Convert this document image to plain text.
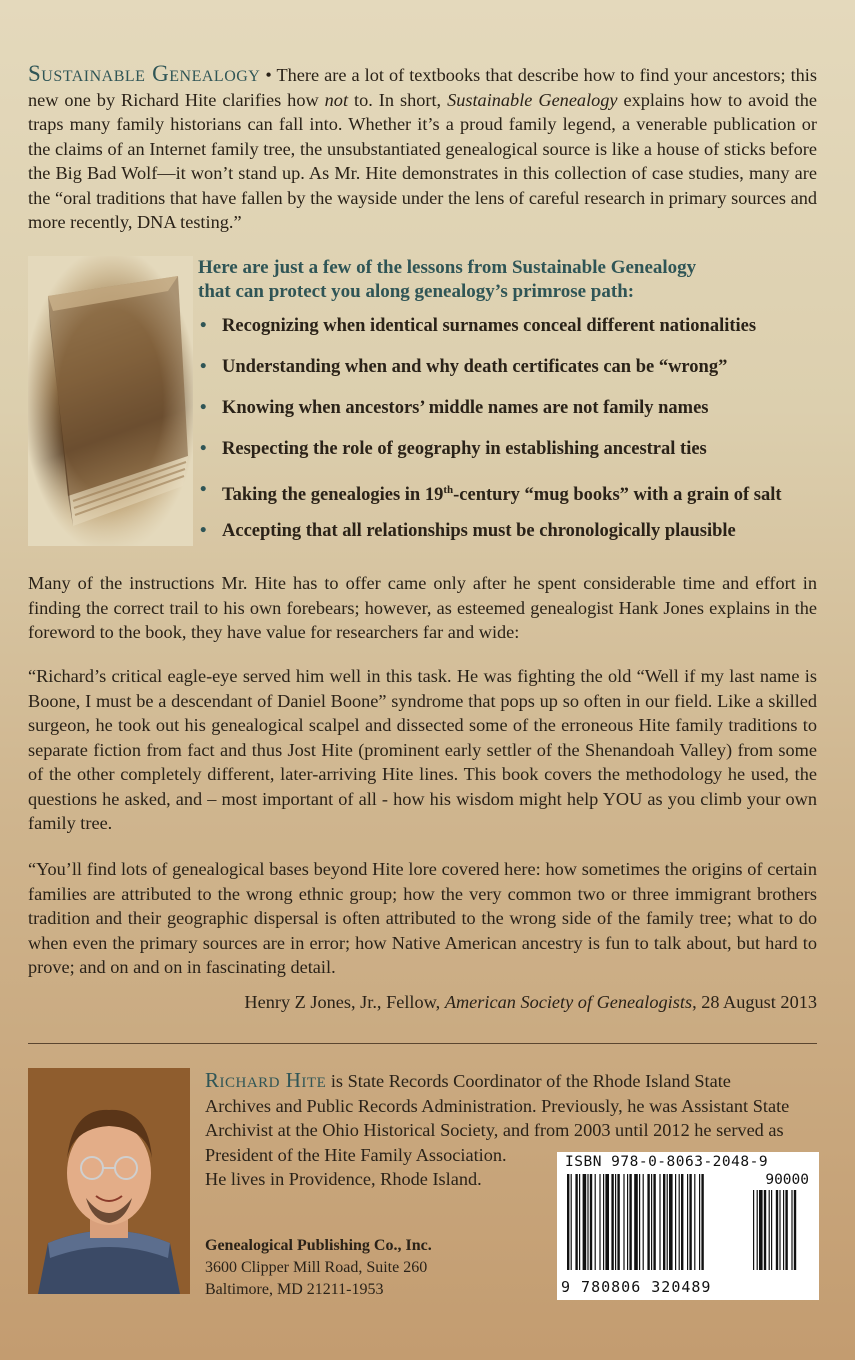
Sustainable Genealogy • There are a lot of textbooks that describe how to find your ancestors; this new one by Richard Hite clarifies how not to. In short, Sustainable Genealogy explains how to avoid the traps many family historians can fall into. Whether it’s a proud family legend, a venerable publication or the claims of an Internet family tree, the unsubstantiated genealogical source is like a house of sticks before the Big Bad Wolf—it won’t stand up. As Mr. Hite demonstrates in this collection of case studies, many are the “oral traditions that have fallen by the wayside under the lens of careful research in primary sources and more recently, DNA testing.”

Here are just a few of the lessons from Sustainable Genealogy
that can protect you along genealogy’s primrose path:

• Recognizing when identical surnames conceal different nationalities
• Understanding when and why death certificates can be “wrong”
• Knowing when ancestors’ middle names are not family names
• Respecting the role of geography in establishing ancestral ties
• Taking the genealogies in 19th-century “mug books” with a grain of salt
• Accepting that all relationships must be chronologically plausible

Many of the instructions Mr. Hite has to offer came only after he spent considerable time and effort in finding the correct trail to his own forebears; however, as esteemed genealogist Hank Jones explains in the foreword to the book, they have value for researchers far and wide:

“Richard’s critical eagle-eye served him well in this task. He was fighting the old “Well if my last name is Boone, I must be a descendant of Daniel Boone” syndrome that pops up so often in our field. Like a skilled surgeon, he took out his genealogical scalpel and dissected some of the erroneous Hite family traditions to separate fiction from fact and thus Jost Hite (prominent early settler of the Shenandoah Valley) from some of the other completely different, later-arriving Hite lines. This book covers the methodology he used, the questions he asked, and – most important of all - how his wisdom might help YOU as you climb your own family tree.

“You’ll find lots of genealogical bases beyond Hite lore covered here: how sometimes the origins of certain families are attributed to the wrong ethnic group; how the very common two or three immigrant brothers tradition and their geographic dispersal is often attributed to the wrong side of the family tree; what to do when even the primary sources are in error; how Native American ancestry is fun to talk about, but hard to prove; and on and on in fascinating detail.

Henry Z Jones, Jr., Fellow, American Society of Genealogists, 28 August 2013

Richard Hite is State Records Coordinator of the Rhode Island State
Archives and Public Records Administration. Previously, he was Assistant State
Archivist at the Ohio Historical Society, and from 2003 until 2012 he served as
President of the Hite Family Association.
He lives in Providence, Rhode Island.

Genealogical Publishing Co., Inc.
3600 Clipper Mill Road, Suite 260
Baltimore, MD 21211-1953

ISBN 978-0-8063-2048-9
90000
9 780806 320489
